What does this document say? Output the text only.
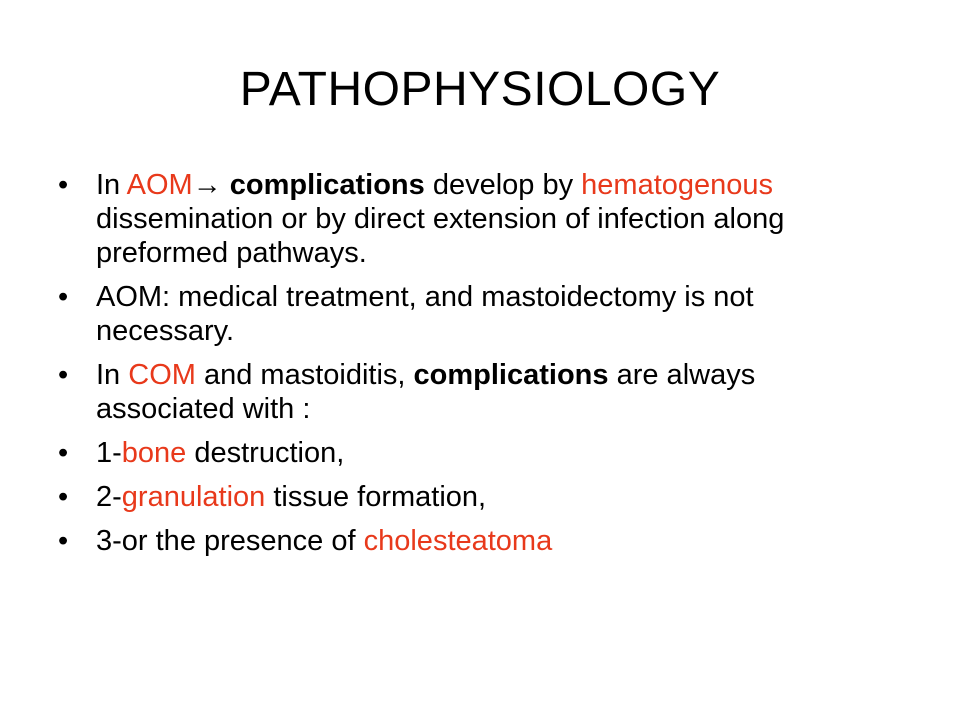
PATHOPHYSIOLOGY
• In AOM→ complications develop by hematogenous dissemination or by direct extension of infection along preformed pathways.
• AOM: medical treatment, and mastoidectomy is not necessary.
• In COM and mastoiditis, complications are always associated with :
• 1-bone destruction,
• 2-granulation tissue formation,
• 3-or the presence of cholesteatoma
